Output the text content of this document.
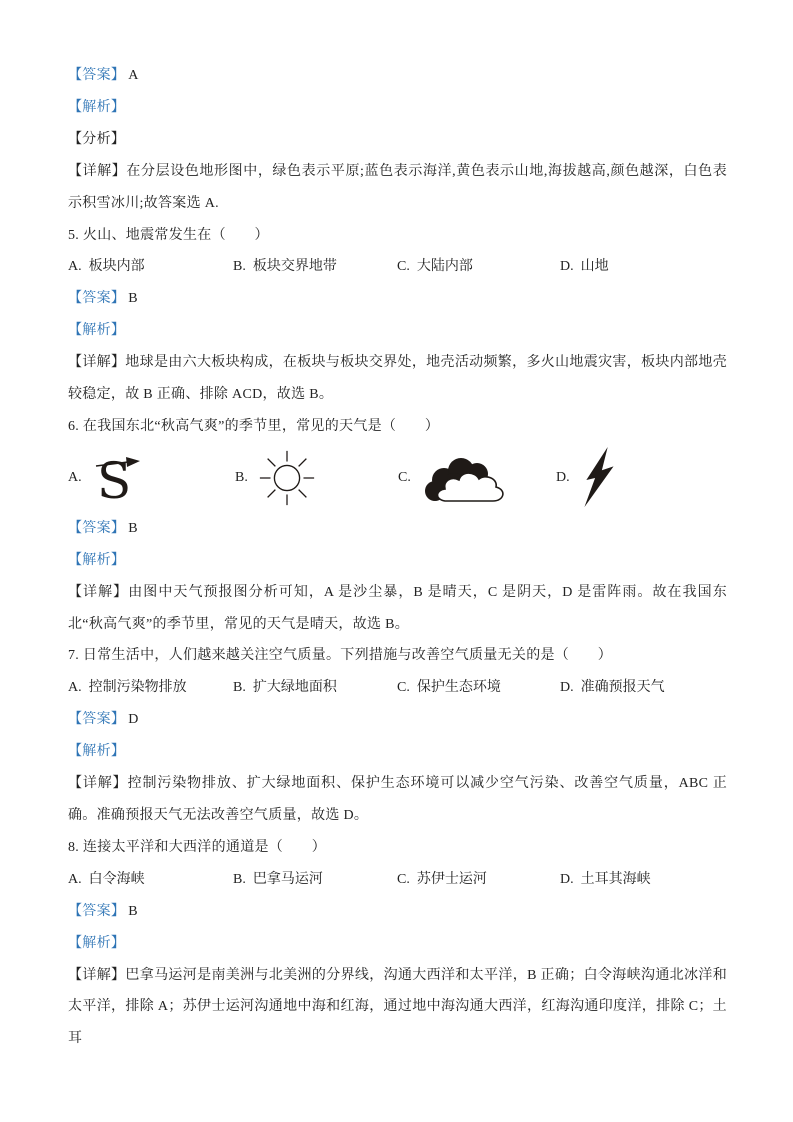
【答案】 A

【解析】

【分析】

【详解】在分层设色地形图中，绿色表示平原;蓝色表示海洋,黄色表示山地,海拔越高,颜色越深，白色表示积雪冰川;故答案选 A.

5. 火山、地震常发生在（　　）

A. 板块内部	B. 板块交界地带	C. 大陆内部	D. 山地

【答案】 B

【解析】

【详解】地球是由六大板块构成，在板块与板块交界处，地壳活动频繁，多火山地震灾害，板块内部地壳较稳定，故 B 正确、排除 ACD，故选 B。

6. 在我国东北“秋高气爽”的季节里，常见的天气是（　　）

A. S	B.	C.	D.

【答案】 B

【解析】

【详解】由图中天气预报图分析可知，A 是沙尘暴，B 是晴天，C 是阴天，D 是雷阵雨。故在我国东北“秋高气爽”的季节里，常见的天气是晴天，故选 B。

7. 日常生活中，人们越来越关注空气质量。下列措施与改善空气质量无关的是（　　）

A. 控制污染物排放	B. 扩大绿地面积	C. 保护生态环境	D. 准确预报天气

【答案】 D

【解析】

【详解】控制污染物排放、扩大绿地面积、保护生态环境可以减少空气污染、改善空气质量，ABC 正确。准确预报天气无法改善空气质量，故选 D。

8. 连接太平洋和大西洋的通道是（　　）

A. 白令海峡	B. 巴拿马运河	C. 苏伊士运河	D. 土耳其海峡

【答案】 B

【解析】

【详解】巴拿马运河是南美洲与北美洲的分界线，沟通大西洋和太平洋，B 正确；白令海峡沟通北冰洋和太平洋，排除 A；苏伊士运河沟通地中海和红海，通过地中海沟通大西洋，红海沟通印度洋，排除 C；土耳
